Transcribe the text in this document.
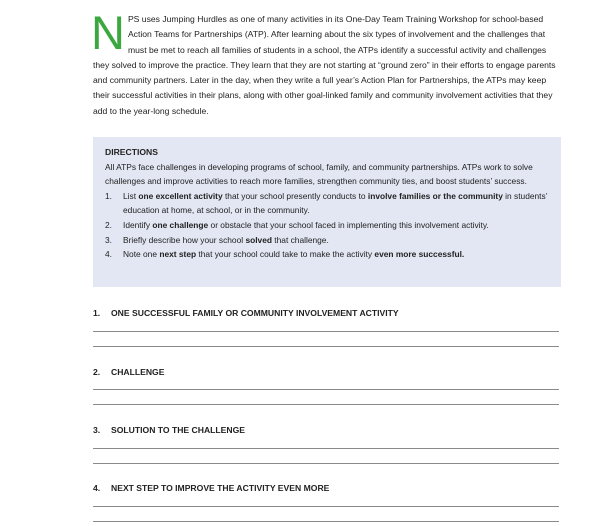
N PS uses Jumping Hurdles as one of many activities in its One-Day Team Training Workshop for school-based Action Teams for Partnerships (ATP). After learning about the six types of involvement and the challenges that must be met to reach all families of students in a school, the ATPs identify a successful activity and challenges they solved to improve the practice. They learn that they are not starting at “ground zero” in their efforts to engage parents and community partners. Later in the day, when they write a full year’s Action Plan for Partnerships, the ATPs may keep their successful activities in their plans, along with other goal-linked family and community involvement activities that they add to the year-long schedule.
DIRECTIONS
All ATPs face challenges in developing programs of school, family, and community partnerships. ATPs work to solve challenges and improve activities to reach more families, strengthen community ties, and boost students’ success.
1.	List one excellent activity that your school presently conducts to involve families or the community in students’ education at home, at school, or in the community.
2.	Identify one challenge or obstacle that your school faced in implementing this involvement activity.
3.	Briefly describe how your school solved that challenge.
4.	Note one next step that your school could take to make the activity even more successful.
1. ONE SUCCESSFUL FAMILY OR COMMUNITY INVOLVEMENT ACTIVITY
2. CHALLENGE
3. SOLUTION TO THE CHALLENGE
4. NEXT STEP TO IMPROVE THE ACTIVITY EVEN MORE
